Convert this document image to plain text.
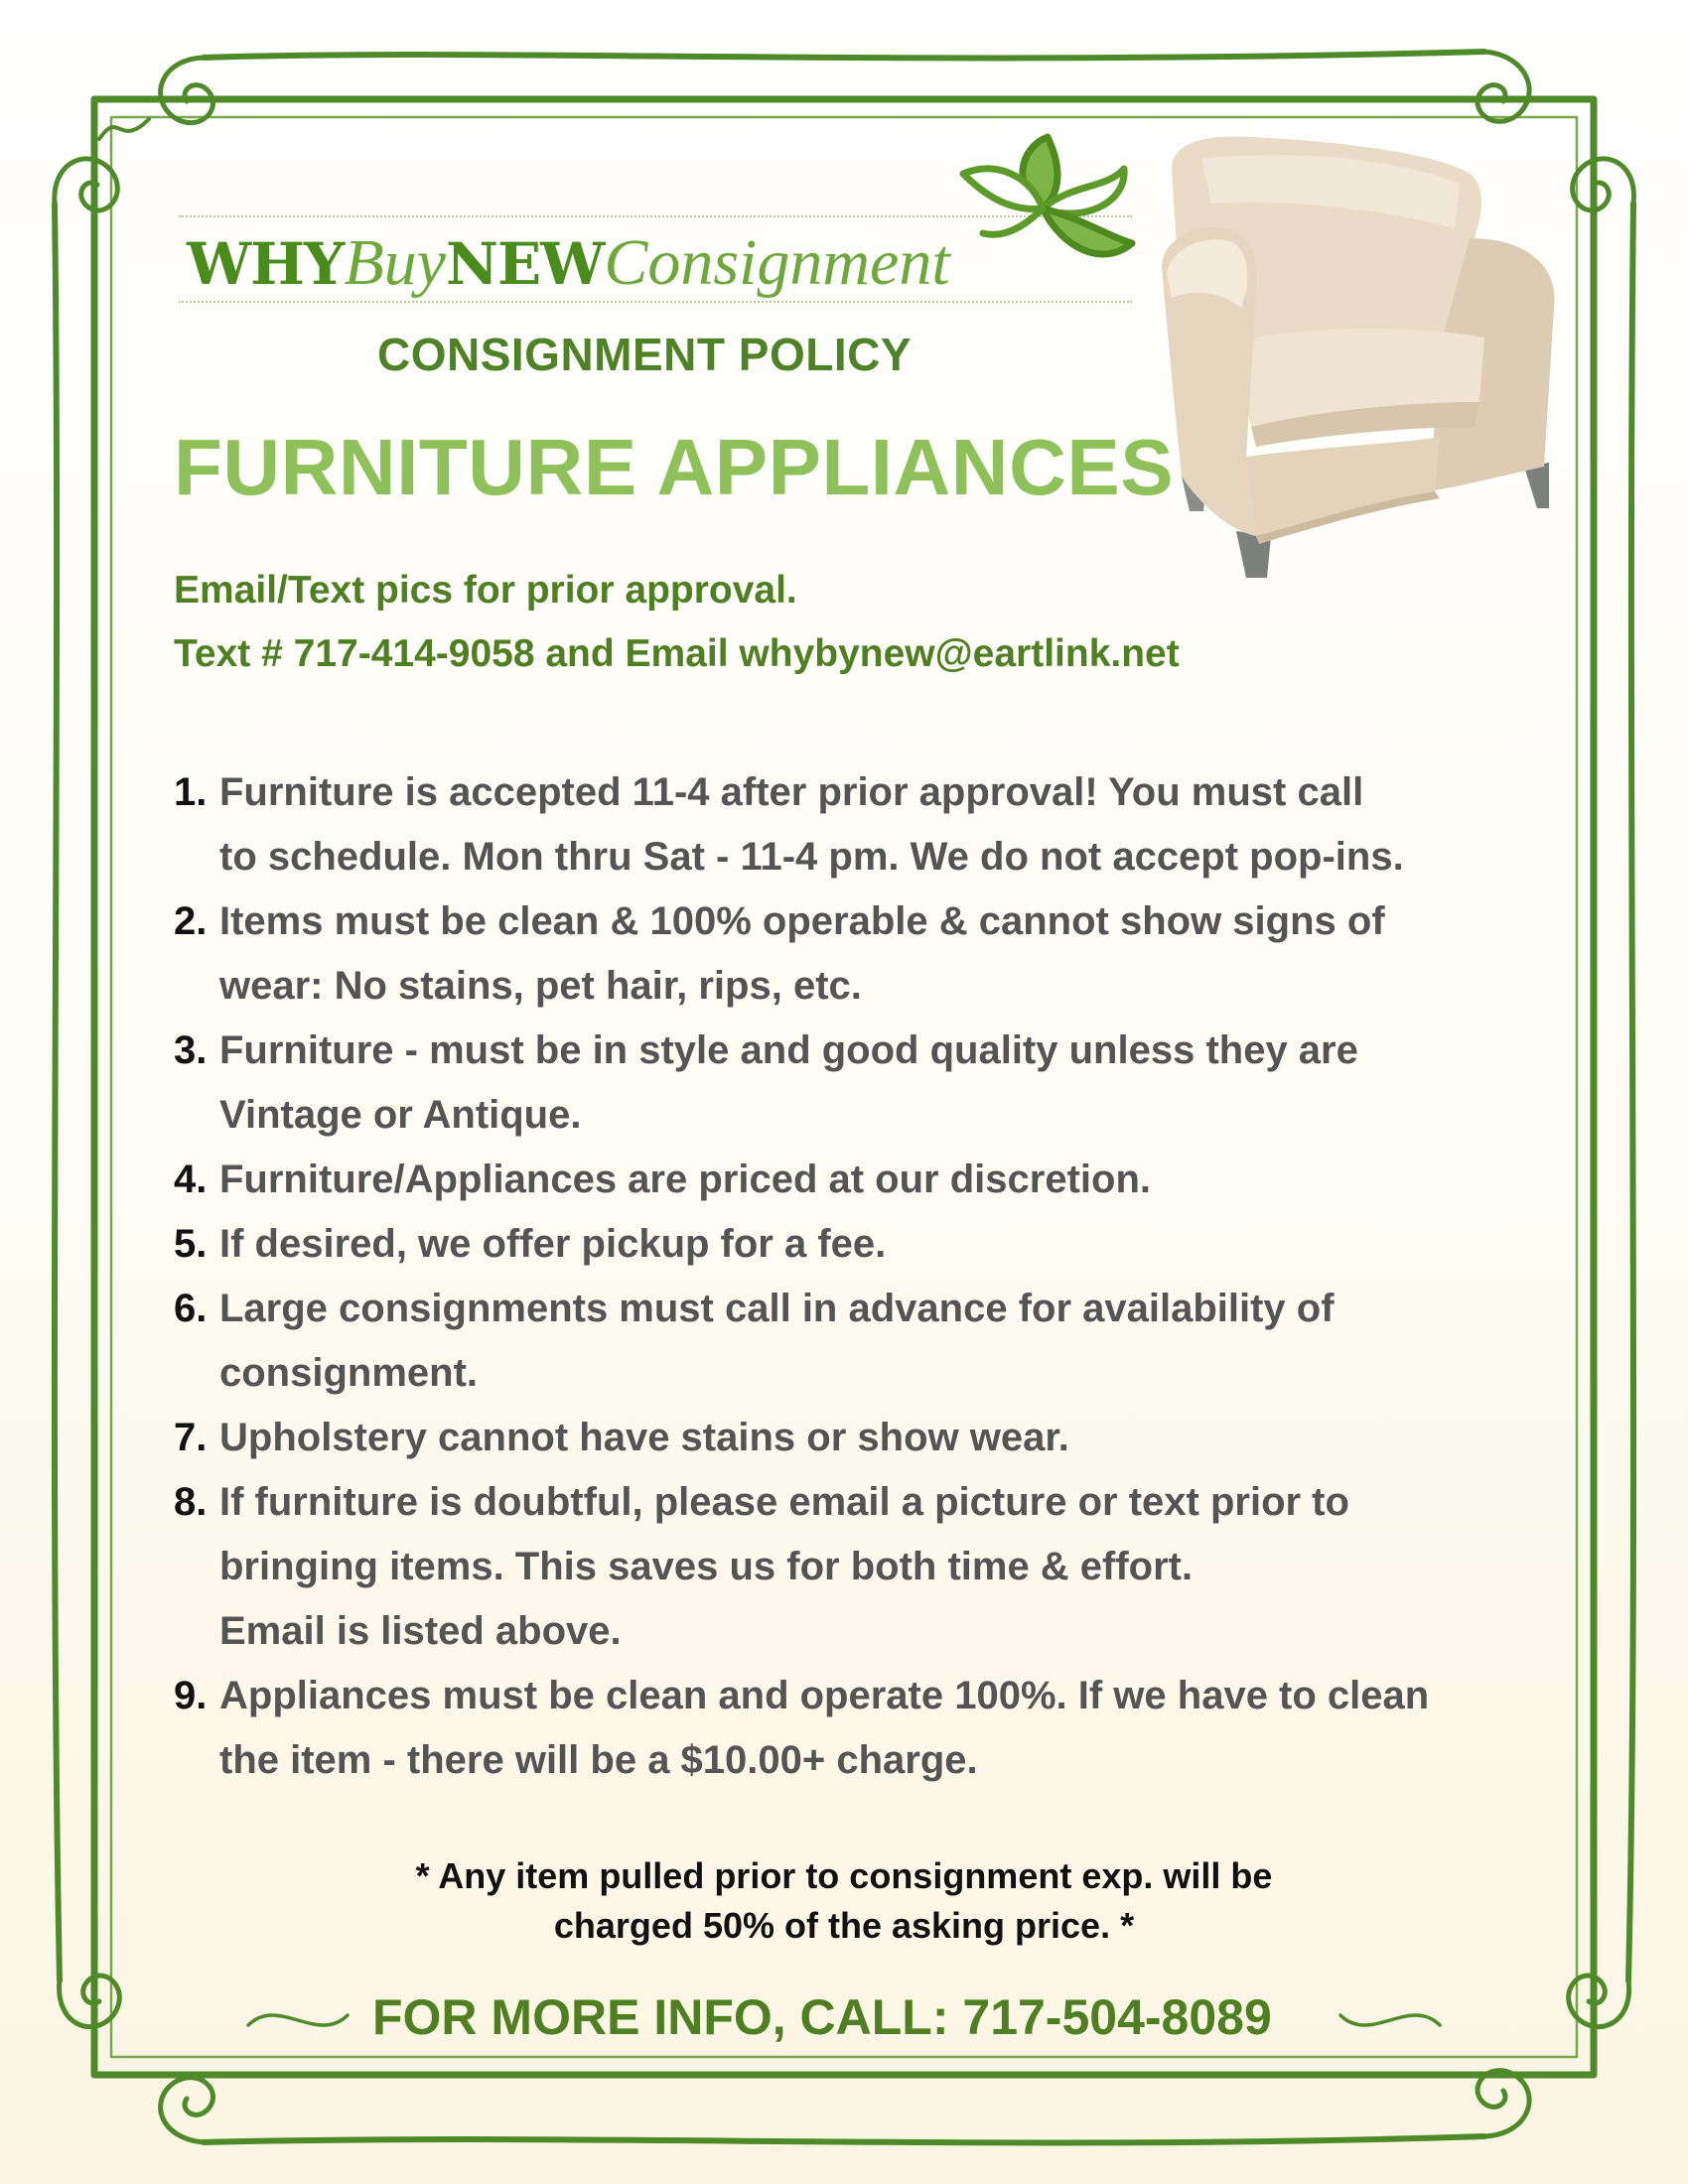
WHYBuyNEWConsignment
CONSIGNMENT POLICY
FURNITURE APPLIANCES
Email/Text pics for prior approval.
Text # 717-414-9058 and Email whybynew@eartlink.net
1. Furniture is accepted 11-4 after prior approval! You must call
to schedule. Mon thru Sat - 11-4 pm. We do not accept pop-ins.
2. Items must be clean & 100% operable & cannot show signs of
wear: No stains, pet hair, rips, etc.
3. Furniture - must be in style and good quality unless they are
Vintage or Antique.
4. Furniture/Appliances are priced at our discretion.
5. If desired, we offer pickup for a fee.
6. Large consignments must call in advance for availability of
consignment.
7. Upholstery cannot have stains or show wear.
8. If furniture is doubtful, please email a picture or text prior to
bringing items. This saves us for both time & effort.
Email is listed above.
9. Appliances must be clean and operate 100%. If we have to clean
the item - there will be a $10.00+ charge.
* Any item pulled prior to consignment exp. will be
charged 50% of the asking price. *
FOR MORE INFO, CALL: 717-504-8089
